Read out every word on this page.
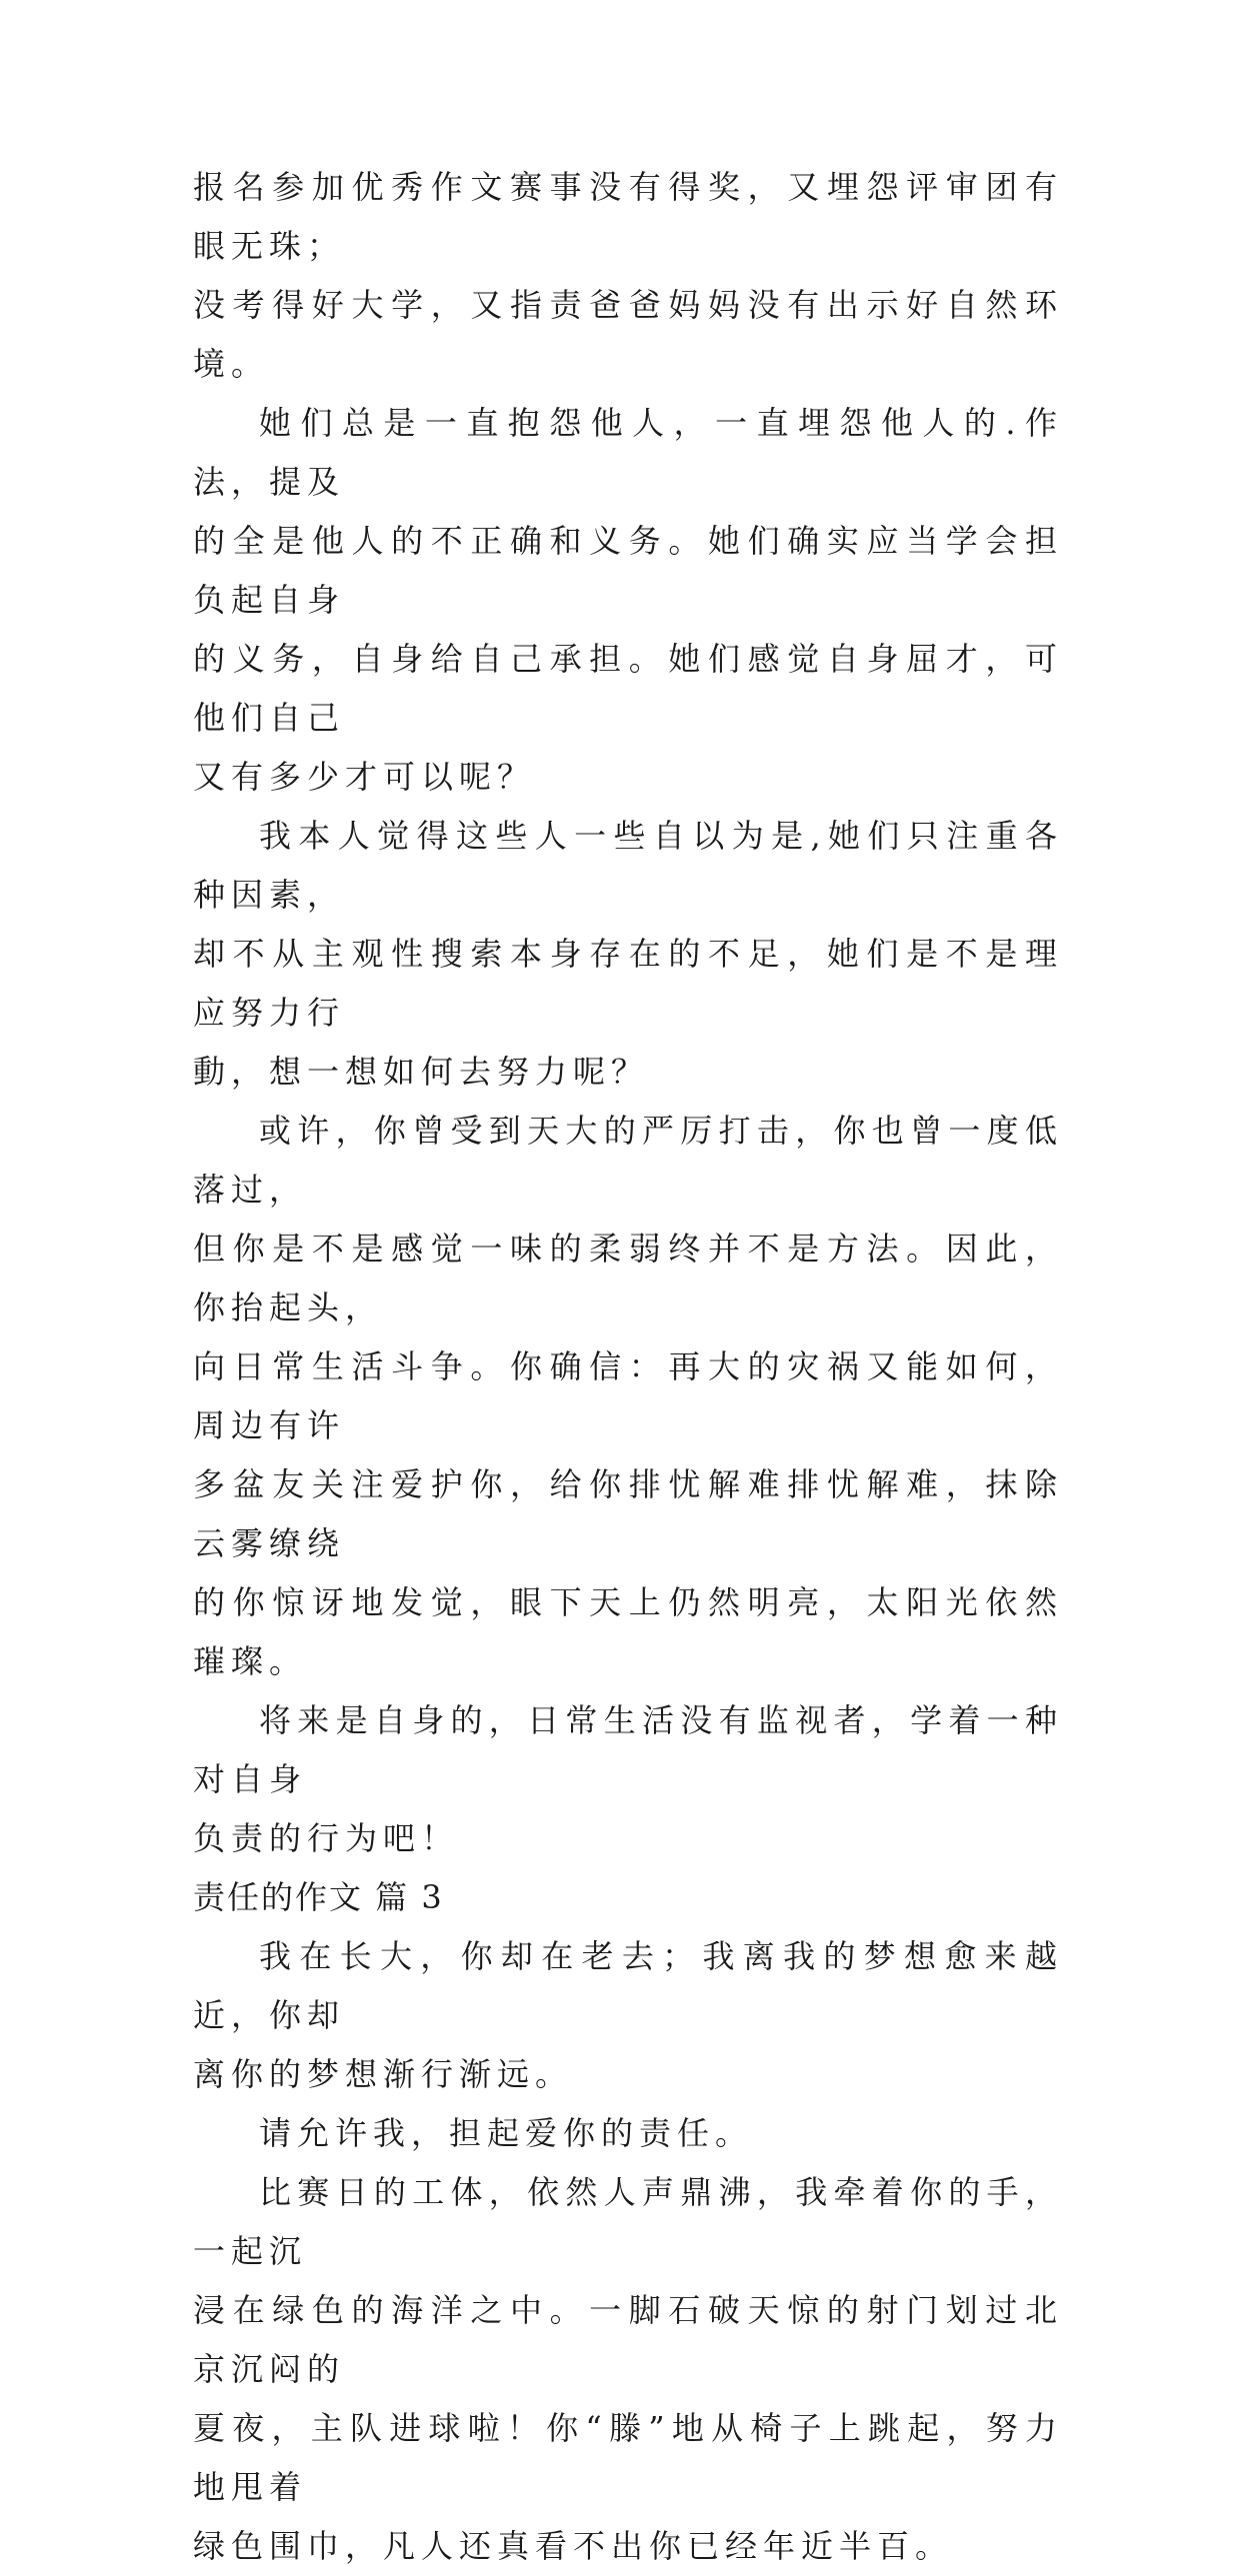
报名参加优秀作文赛事没有得奖，又埋怨评审团有眼无珠；
没考得好大学，又指责爸爸妈妈没有出示好自然环境。
她们总是一直抱怨他人，一直埋怨他人的.作法，提及
的全是他人的不正确和义务。她们确实应当学会担负起自身
的义务，自身给自己承担。她们感觉自身屈才，可他们自己
又有多少才可以呢？
我本人觉得这些人一些自以为是,她们只注重各种因素，
却不从主观性搜索本身存在的不足，她们是不是理应努力行
動，想一想如何去努力呢？
或许，你曾受到天大的严厉打击，你也曾一度低落过，
但你是不是感觉一味的柔弱终并不是方法。因此，你抬起头，
向日常生活斗争。你确信：再大的灾祸又能如何，周边有许
多盆友关注爱护你，给你排忧解难排忧解难，抹除云雾缭绕
的你惊讶地发觉，眼下天上仍然明亮，太阳光依然璀璨。
将来是自身的，日常生活没有监视者，学着一种对自身
负责的行为吧！
责任的作文 篇 3
我在长大，你却在老去；我离我的梦想愈来越近，你却
离你的梦想渐行渐远。
请允许我，担起爱你的责任。
比赛日的工体，依然人声鼎沸，我牵着你的手，一起沉
浸在绿色的海洋之中。一脚石破天惊的射门划过北京沉闷的
夏夜，主队进球啦！你“滕”地从椅子上跳起，努力地甩着
绿色围巾，凡人还真看不出你已经年近半百。
